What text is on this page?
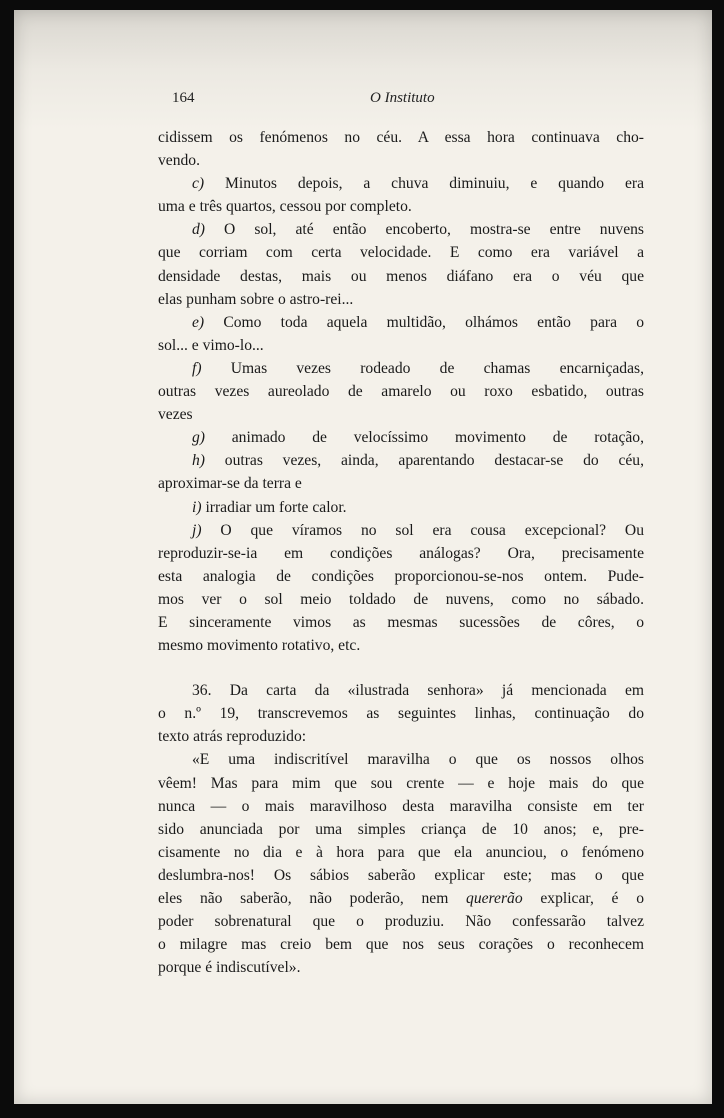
164	O Instituto
cidissem os fenómenos no céu. A essa hora continuava cho-
vendo.
c) Minutos depois, a chuva diminuiu, e quando era
uma e três quartos, cessou por completo.
d) O sol, até então encoberto, mostra-se entre nuvens
que corriam com certa velocidade. E como era variável a
densidade destas, mais ou menos diáfano era o véu que
elas punham sobre o astro-rei...
e) Como toda aquela multidão, olhámos então para o
sol... e vimo-lo...
f) Umas vezes rodeado de chamas encarniçadas,
outras vezes aureolado de amarelo ou roxo esbatido, outras
vezes
g) animado de velocíssimo movimento de rotação,
h) outras vezes, ainda, aparentando destacar-se do céu,
aproximar-se da terra e
i) irradiar um forte calor.
j) O que víramos no sol era cousa excepcional? Ou
reproduzir-se-ia em condições análogas? Ora, precisamente
esta analogia de condições proporcionou-se-nos ontem. Pude-
mos ver o sol meio toldado de nuvens, como no sábado.
E sinceramente vimos as mesmas sucessões de côres, o
mesmo movimento rotativo, etc.
36. Da carta da «ilustrada senhora» já mencionada em
o n.º 19, transcrevemos as seguintes linhas, continuação do
texto atrás reproduzido:
«E uma indiscritível maravilha o que os nossos olhos
vêem! Mas para mim que sou crente — e hoje mais do que
nunca — o mais maravilhoso desta maravilha consiste em ter
sido anunciada por uma simples criança de 10 anos; e, pre-
cisamente no dia e à hora para que ela anunciou, o fenómeno
deslumbra-nos! Os sábios saberão explicar este; mas o que
eles não saberão, não poderão, nem quererão explicar, é o
poder sobrenatural que o produziu. Não confessarão talvez
o milagre mas creio bem que nos seus corações o reconhecem
porque é indiscutível».
